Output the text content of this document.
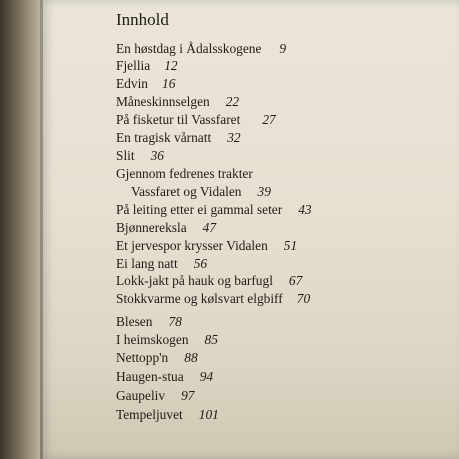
Innhold
En høstdag i Ådalsskogene 9
Fjellia 12
Edvin 16
Måneskinnselgen 22
På fisketur til Vassfaret 27
En tragisk vårnatt 32
Slit 36
Gjennom fedrenes trakter
Vassfaret og Vidalen 39
På leiting etter ei gammal seter 43
Bjønnereksla 47
Et jervespor krysser Vidalen 51
Ei lang natt 56
Lokk-jakt på hauk og barfugl 67
Stokkvarme og kølsvart elgbiff 70
Blesen 78
I heimskogen 85
Nettopp'n 88
Haugen-stua 94
Gaupeliv 97
Tempeljuvet 101
